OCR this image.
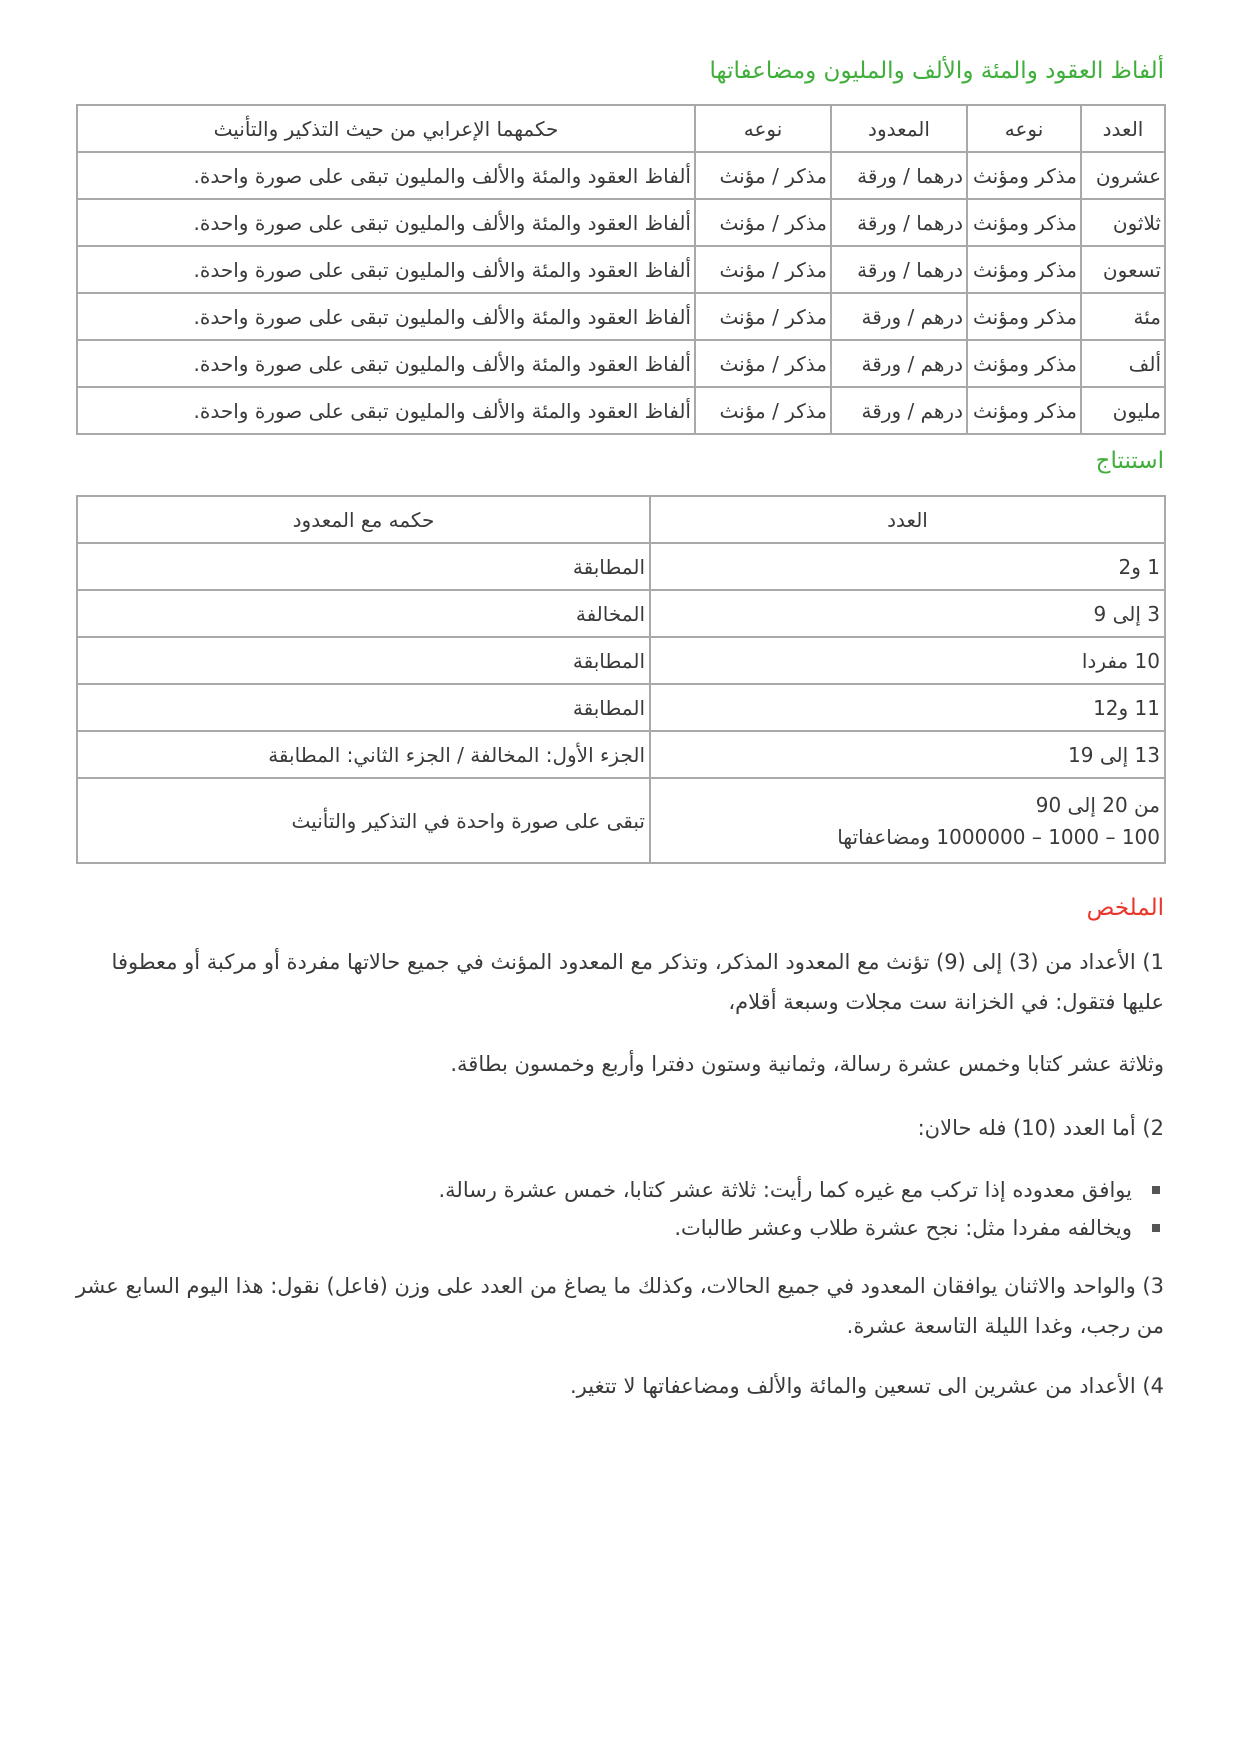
ألفاظ العقود والمئة والألف والمليون ومضاعفاتها
العدد	نوعه	المعدود	نوعه	حكمهما الإعرابي من حيث التذكير والتأنيث
عشرون	مذكر ومؤنث	درهما / ورقة	مذكر / مؤنث	ألفاظ العقود والمئة والألف والمليون تبقى على صورة واحدة.
ثلاثون	مذكر ومؤنث	درهما / ورقة	مذكر / مؤنث	ألفاظ العقود والمئة والألف والمليون تبقى على صورة واحدة.
تسعون	مذكر ومؤنث	درهما / ورقة	مذكر / مؤنث	ألفاظ العقود والمئة والألف والمليون تبقى على صورة واحدة.
مئة	مذكر ومؤنث	درهم / ورقة	مذكر / مؤنث	ألفاظ العقود والمئة والألف والمليون تبقى على صورة واحدة.
ألف	مذكر ومؤنث	درهم / ورقة	مذكر / مؤنث	ألفاظ العقود والمئة والألف والمليون تبقى على صورة واحدة.
مليون	مذكر ومؤنث	درهم / ورقة	مذكر / مؤنث	ألفاظ العقود والمئة والألف والمليون تبقى على صورة واحدة.
استنتاج
العدد	حكمه مع المعدود
1 و2	المطابقة
3 إلى 9	المخالفة
10 مفردا	المطابقة
11 و12	المطابقة
13 إلى 19	الجزء الأول: المخالفة / الجزء الثاني: المطابقة
من 20 إلى 90
100 – 1000 – 1000000 ومضاعفاتها	تبقى على صورة واحدة في التذكير والتأنيث
الملخص

1) الأعداد من (3) إلى (9) تؤنث مع المعدود المذكر، وتذكر مع المعدود المؤنث في جميع حالاتها مفردة أو مركبة أو معطوفا عليها فتقول: في الخزانة ست مجلات وسبعة أقلام،

وثلاثة عشر كتابا وخمس عشرة رسالة، وثمانية وستون دفترا وأربع وخمسون بطاقة.

2) أما العدد (10) فله حالان:

يوافق معدوده إذا تركب مع غيره كما رأيت: ثلاثة عشر كتابا، خمس عشرة رسالة.
ويخالفه مفردا مثل: نجح عشرة طلاب وعشر طالبات.

3) والواحد والاثنان يوافقان المعدود في جميع الحالات، وكذلك ما يصاغ من العدد على وزن (فاعل) نقول: هذا اليوم السابع عشر من رجب، وغدا الليلة التاسعة عشرة.

4) الأعداد من عشرين الى تسعين والمائة والألف ومضاعفاتها لا تتغير.
